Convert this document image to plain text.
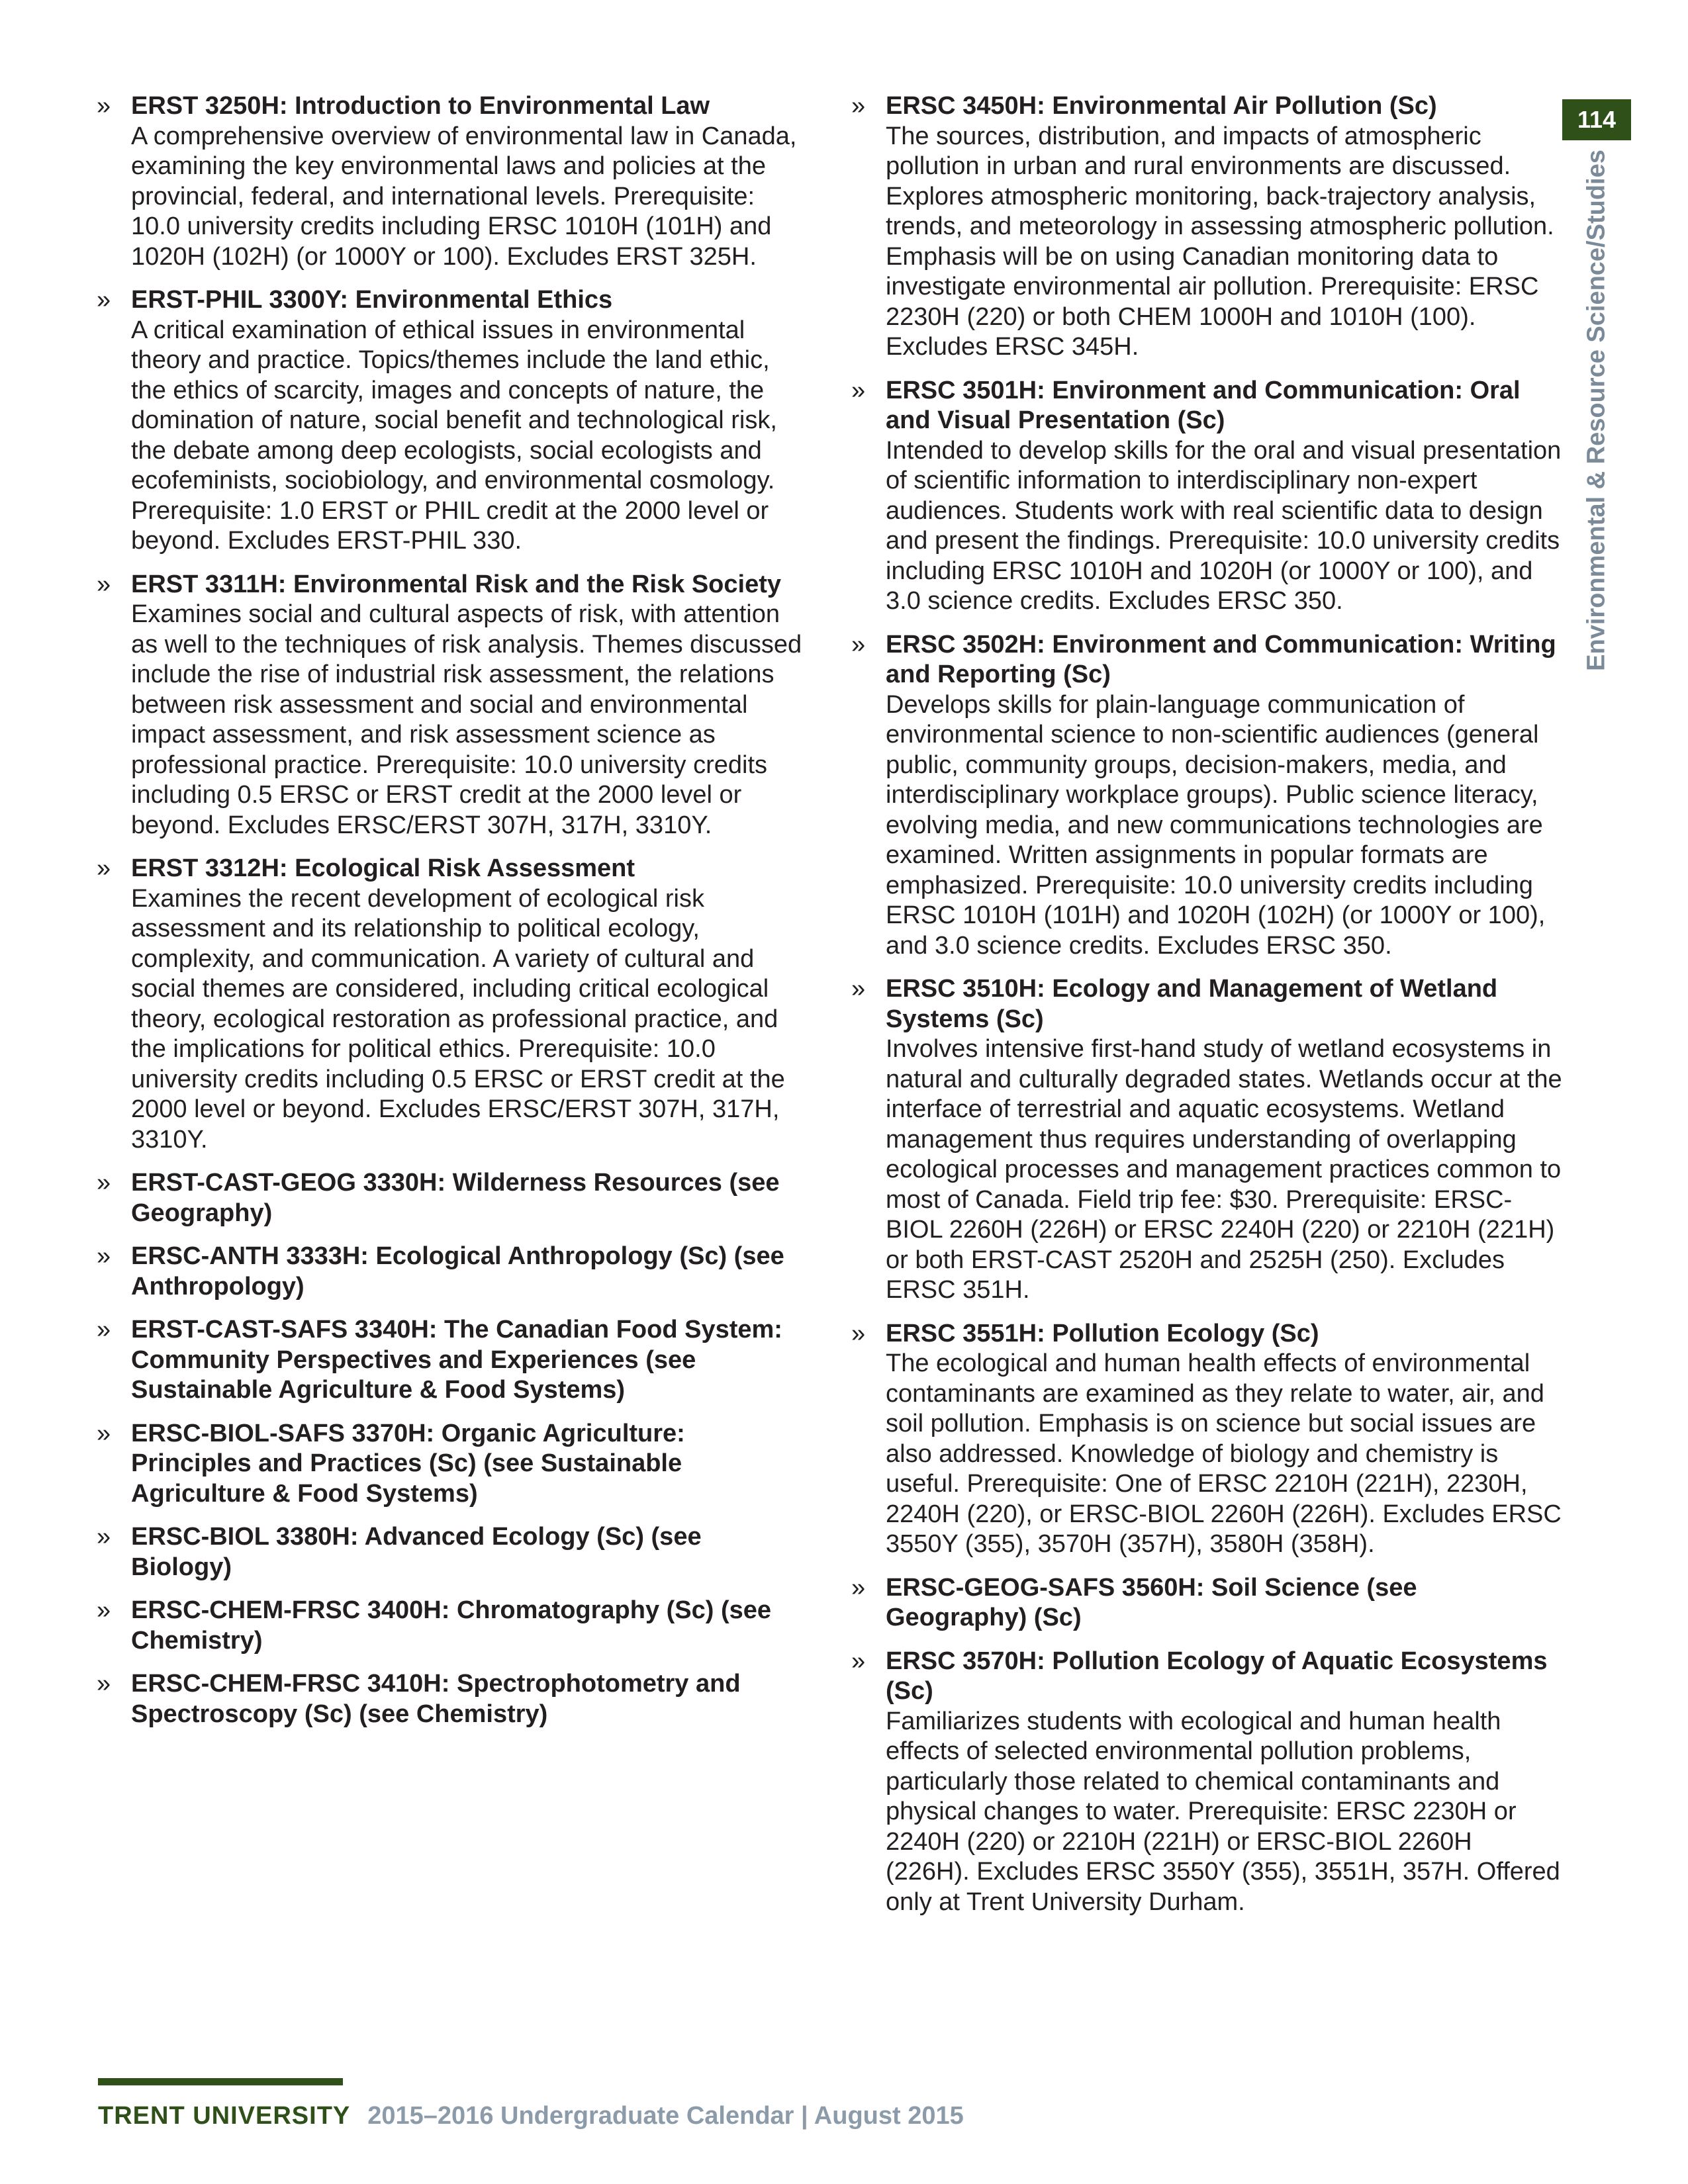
» ERST 3250H: Introduction to Environmental Law

A comprehensive overview of environmental law in Canada, examining the key environmental laws and policies at the provincial, federal, and international levels. Prerequisite: 10.0 university credits including ERSC 1010H (101H) and 1020H (102H) (or 1000Y or 100). Excludes ERST 325H.

» ERST-PHIL 3300Y: Environmental Ethics

A critical examination of ethical issues in environmental theory and practice. Topics/themes include the land ethic, the ethics of scarcity, images and concepts of nature, the domination of nature, social benefit and technological risk, the debate among deep ecologists, social ecologists and ecofeminists, sociobiology, and environmental cosmology. Prerequisite: 1.0 ERST or PHIL credit at the 2000 level or beyond. Excludes ERST-PHIL 330.

» ERST 3311H: Environmental Risk and the Risk Society

Examines social and cultural aspects of risk, with attention as well to the techniques of risk analysis. Themes discussed include the rise of industrial risk assessment, the relations between risk assessment and social and environmental impact assessment, and risk assessment science as professional practice. Prerequisite: 10.0 university credits including 0.5 ERSC or ERST credit at the 2000 level or beyond. Excludes ERSC/ERST 307H, 317H, 3310Y.

» ERST 3312H: Ecological Risk Assessment

Examines the recent development of ecological risk assessment and its relationship to political ecology, complexity, and communication. A variety of cultural and social themes are considered, including critical ecological theory, ecological restoration as professional practice, and the implications for political ethics. Prerequisite: 10.0 university credits including 0.5 ERSC or ERST credit at the 2000 level or beyond. Excludes ERSC/ERST 307H, 317H, 3310Y.

» ERST-CAST-GEOG 3330H: Wilderness Resources (see Geography)

» ERSC-ANTH 3333H: Ecological Anthropology (Sc) (see Anthropology)

» ERST-CAST-SAFS 3340H: The Canadian Food System: Community Perspectives and Experiences (see Sustainable Agriculture & Food Systems)

» ERSC-BIOL-SAFS 3370H: Organic Agriculture: Principles and Practices (Sc) (see Sustainable Agriculture & Food Systems)

» ERSC-BIOL 3380H: Advanced Ecology (Sc) (see Biology)

» ERSC-CHEM-FRSC 3400H: Chromatography (Sc) (see Chemistry)

» ERSC-CHEM-FRSC 3410H: Spectrophotometry and Spectroscopy (Sc) (see Chemistry)

» ERSC 3450H: Environmental Air Pollution (Sc)

The sources, distribution, and impacts of atmospheric pollution in urban and rural environments are discussed. Explores atmospheric monitoring, back-trajectory analysis, trends, and meteorology in assessing atmospheric pollution. Emphasis will be on using Canadian monitoring data to investigate environmental air pollution. Prerequisite: ERSC 2230H (220) or both CHEM 1000H and 1010H (100). Excludes ERSC 345H.

» ERSC 3501H: Environment and Communication: Oral and Visual Presentation (Sc)

Intended to develop skills for the oral and visual presentation of scientific information to interdisciplinary non-expert audiences. Students work with real scientific data to design and present the findings. Prerequisite: 10.0 university credits including ERSC 1010H and 1020H (or 1000Y or 100), and 3.0 science credits. Excludes ERSC 350.

» ERSC 3502H: Environment and Communication: Writing and Reporting (Sc)

Develops skills for plain-language communication of environmental science to non-scientific audiences (general public, community groups, decision-makers, media, and interdisciplinary workplace groups). Public science literacy, evolving media, and new communications technologies are examined. Written assignments in popular formats are emphasized. Prerequisite: 10.0 university credits including ERSC 1010H (101H) and 1020H (102H) (or 1000Y or 100), and 3.0 science credits. Excludes ERSC 350.

» ERSC 3510H: Ecology and Management of Wetland Systems (Sc)

Involves intensive first-hand study of wetland ecosystems in natural and culturally degraded states. Wetlands occur at the interface of terrestrial and aquatic ecosystems. Wetland management thus requires understanding of overlapping ecological processes and management practices common to most of Canada. Field trip fee: $30. Prerequisite: ERSC-BIOL 2260H (226H) or ERSC 2240H (220) or 2210H (221H) or both ERST-CAST 2520H and 2525H (250). Excludes ERSC 351H.

» ERSC 3551H: Pollution Ecology (Sc)

The ecological and human health effects of environmental contaminants are examined as they relate to water, air, and soil pollution. Emphasis is on science but social issues are also addressed. Knowledge of biology and chemistry is useful. Prerequisite: One of ERSC 2210H (221H), 2230H, 2240H (220), or ERSC-BIOL 2260H (226H). Excludes ERSC 3550Y (355), 3570H (357H), 3580H (358H).

» ERSC-GEOG-SAFS 3560H: Soil Science (see Geography) (Sc)

» ERSC 3570H: Pollution Ecology of Aquatic Ecosystems (Sc)

Familiarizes students with ecological and human health effects of selected environmental pollution problems, particularly those related to chemical contaminants and physical changes to water. Prerequisite: ERSC 2230H or 2240H (220) or 2210H (221H) or ERSC-BIOL 2260H (226H). Excludes ERSC 3550Y (355), 3551H, 357H. Offered only at Trent University Durham.

114
Environmental & Resource Science/Studies
TRENT UNIVERSITY 2015–2016 Undergraduate Calendar | August 2015
